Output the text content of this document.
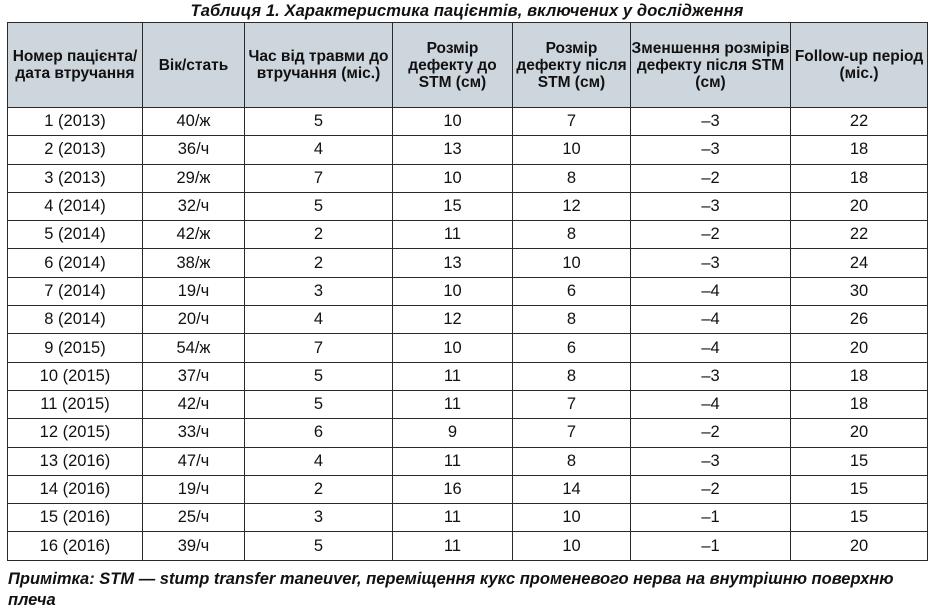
Таблиця 1. Характеристика пацієнтів, включених у дослідження
Номер пацієнта/ дата втручання	Вік/стать	Час від травми до втручання (міс.)	Розмір дефекту до STM (см)	Розмір дефекту після STM (см)	Зменшення розмірів дефекту після STM (см)	Follow-up період (міс.)
1 (2013)	40/ж	5	10	7	–3	22
2 (2013)	36/ч	4	13	10	–3	18
3 (2013)	29/ж	7	10	8	–2	18
4 (2014)	32/ч	5	15	12	–3	20
5 (2014)	42/ж	2	11	8	–2	22
6 (2014)	38/ж	2	13	10	–3	24
7 (2014)	19/ч	3	10	6	–4	30
8 (2014)	20/ч	4	12	8	–4	26
9 (2015)	54/ж	7	10	6	–4	20
10 (2015)	37/ч	5	11	8	–3	18
11 (2015)	42/ч	5	11	7	–4	18
12 (2015)	33/ч	6	9	7	–2	20
13 (2016)	47/ч	4	11	8	–3	15
14 (2016)	19/ч	2	16	14	–2	15
15 (2016)	25/ч	3	11	10	–1	15
16 (2016)	39/ч	5	11	10	–1	20
Примітка: STM — stump transfer maneuver, переміщення кукс променевого нерва на внутрішню поверхню плеча
